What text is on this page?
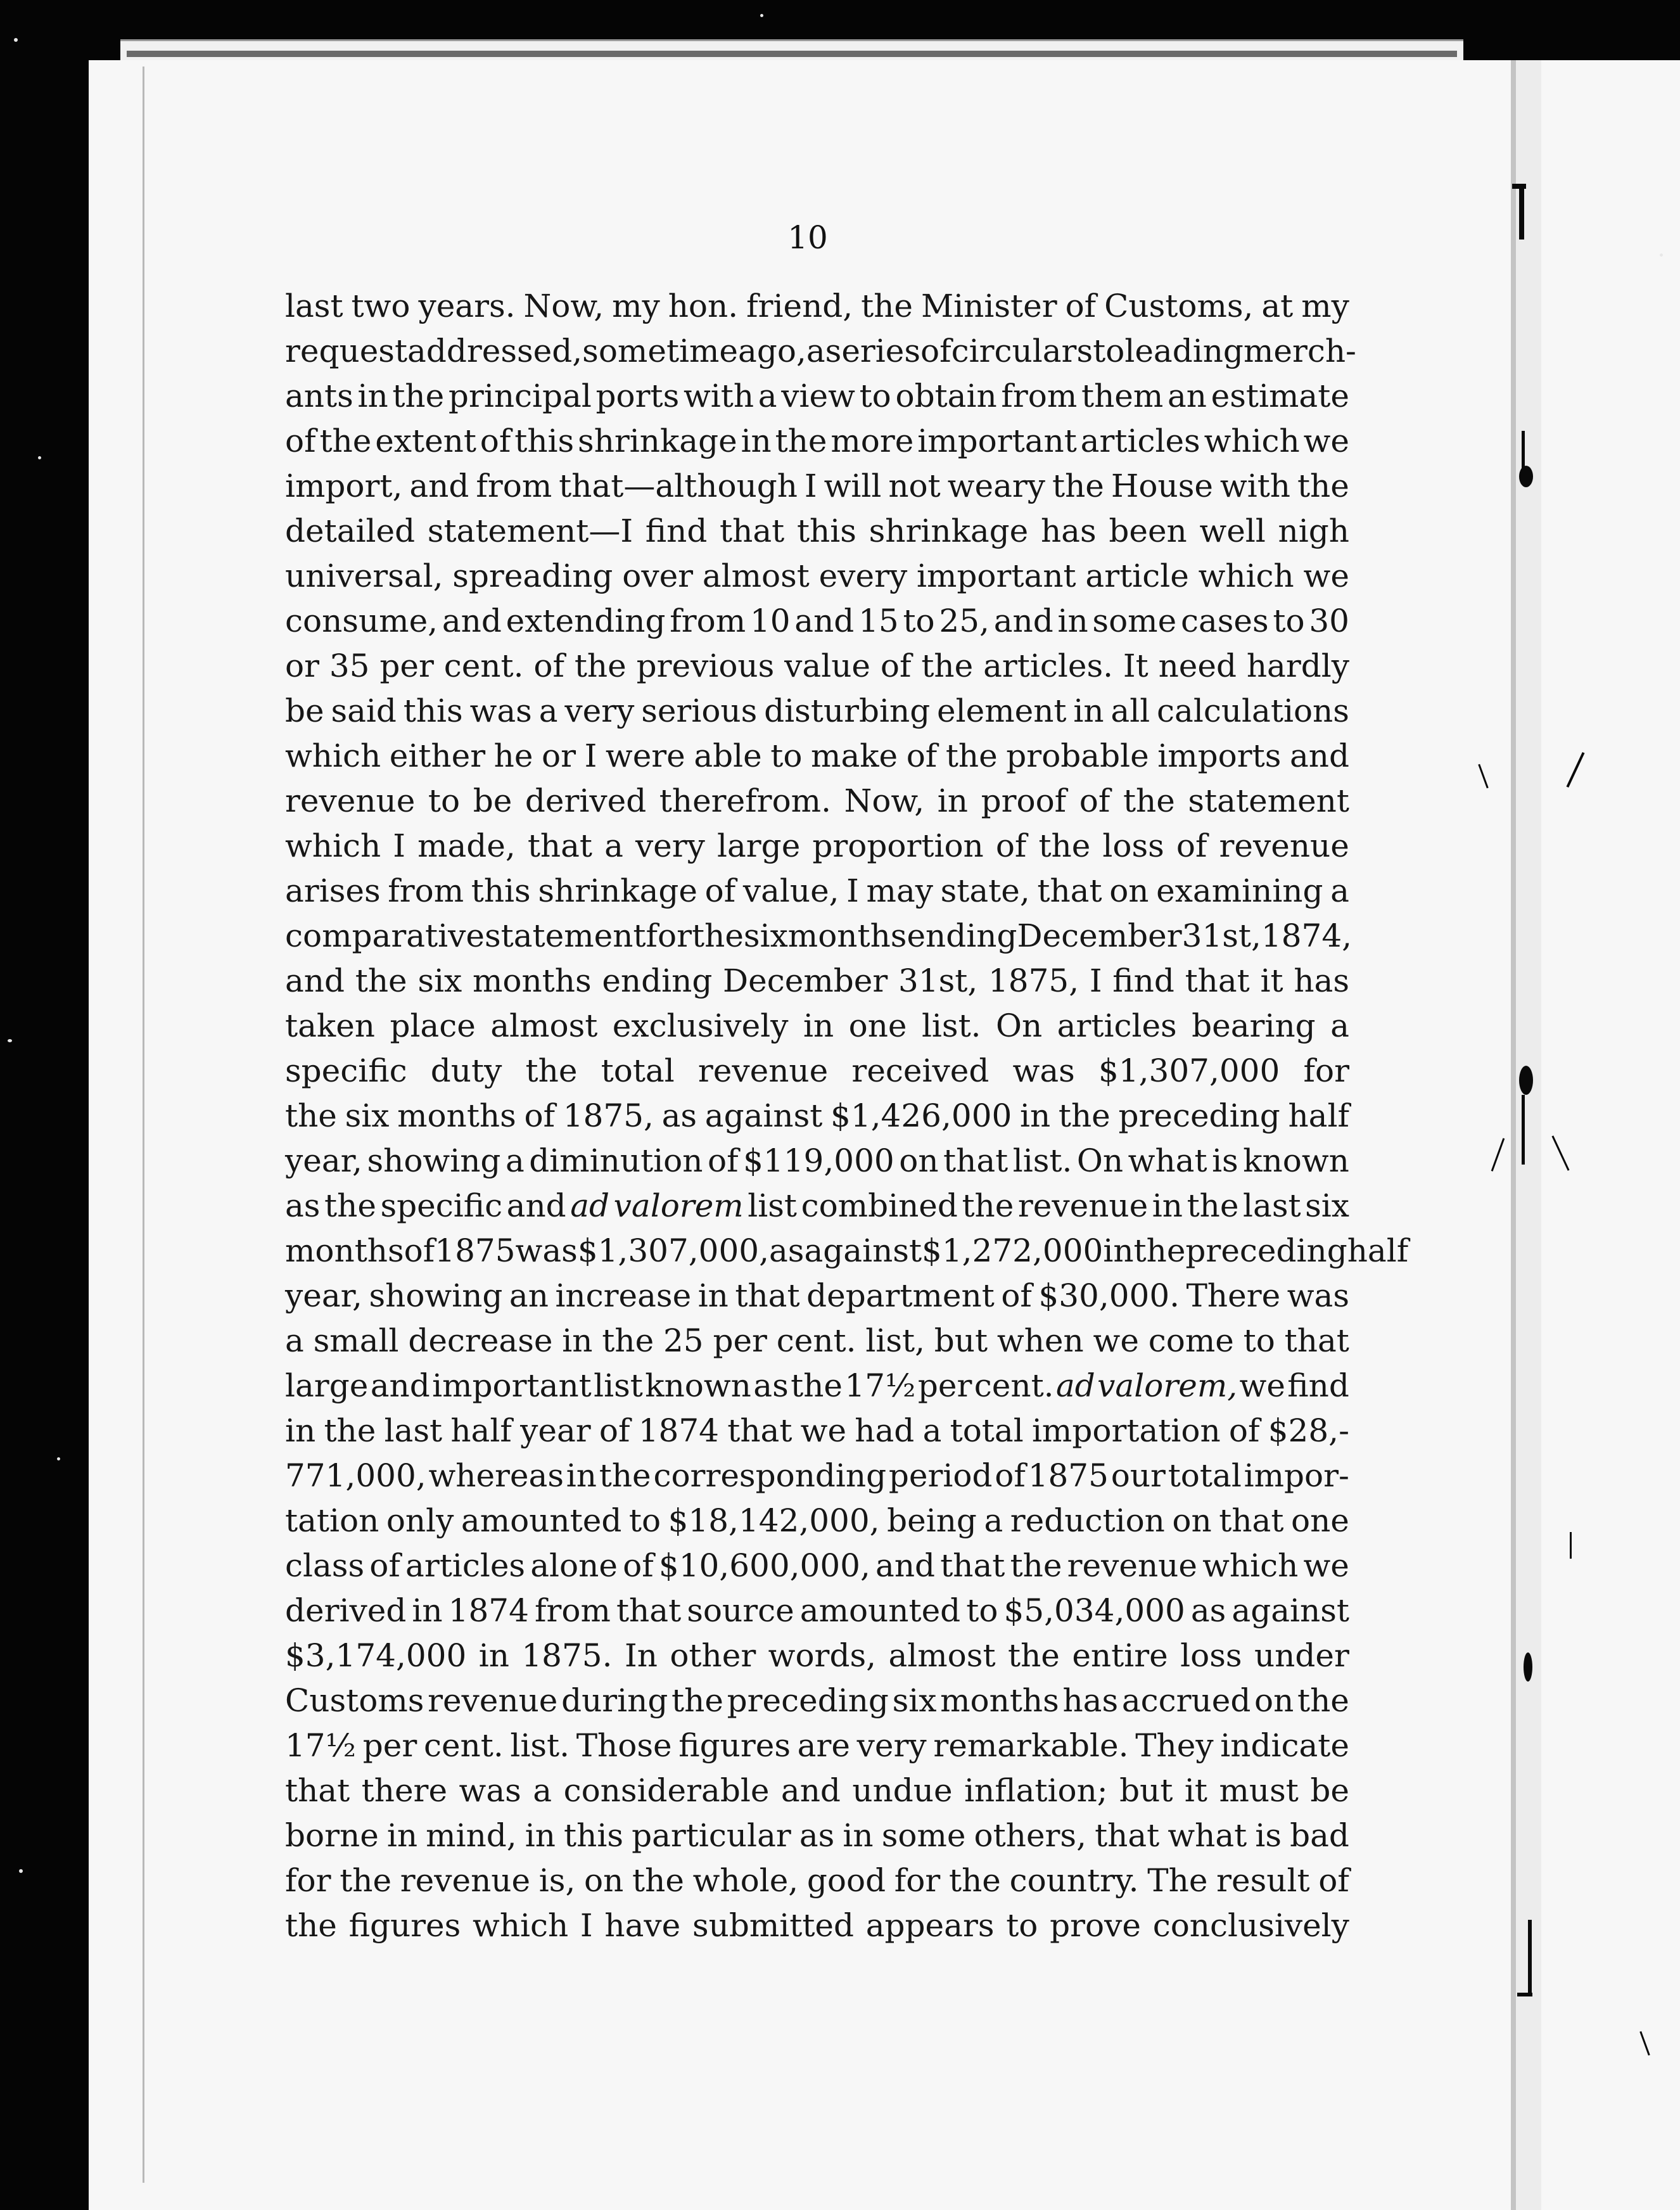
10
last two years. Now, my hon. friend, the Minister of Customs, at my
request addressed, some time ago, a series of circulars to leading merch-
ants in the principal ports with a view to obtain from them an estimate
of the extent of this shrinkage in the more important articles which we
import, and from that—although I will not weary the House with the
detailed statement—I find that this shrinkage has been well nigh
universal, spreading over almost every important article which we
consume, and extending from 10 and 15 to 25, and in some cases to 30
or 35 per cent. of the previous value of the articles. It need hardly
be said this was a very serious disturbing element in all calculations
which either he or I were able to make of the probable imports and
revenue to be derived therefrom. Now, in proof of the statement
which I made, that a very large proportion of the loss of revenue
arises from this shrinkage of value, I may state, that on examining a
comparative statement for the six months ending December 31st, 1874,
and the six months ending December 31st, 1875, I find that it has
taken place almost exclusively in one list. On articles bearing a
specific duty the total revenue received was $1,307,000 for
the six months of 1875, as against $1,426,000 in the preceding half
year, showing a diminution of $119,000 on that list. On what is known
as the specific and ad valorem list combined the revenue in the last six
months of 1875 was $1,307,000, as against $1,272,000 in the preceding half
year, showing an increase in that department of $30,000. There was
a small decrease in the 25 per cent. list, but when we come to that
large and important list known as the 17½ per cent. ad valorem, we find
in the last half year of 1874 that we had a total importation of $28,-
771,000, whereas in the corresponding period of 1875 our total impor-
tation only amounted to $18,142,000, being a reduction on that one
class of articles alone of $10,600,000, and that the revenue which we
derived in 1874 from that source amounted to $5,034,000 as against
$3,174,000 in 1875. In other words, almost the entire loss under
Customs revenue during the preceding six months has accrued on the
17½ per cent. list. Those figures are very remarkable. They indicate
that there was a considerable and undue inflation; but it must be
borne in mind, in this particular as in some others, that what is bad
for the revenue is, on the whole, good for the country. The result of
the figures which I have submitted appears to prove conclusively
